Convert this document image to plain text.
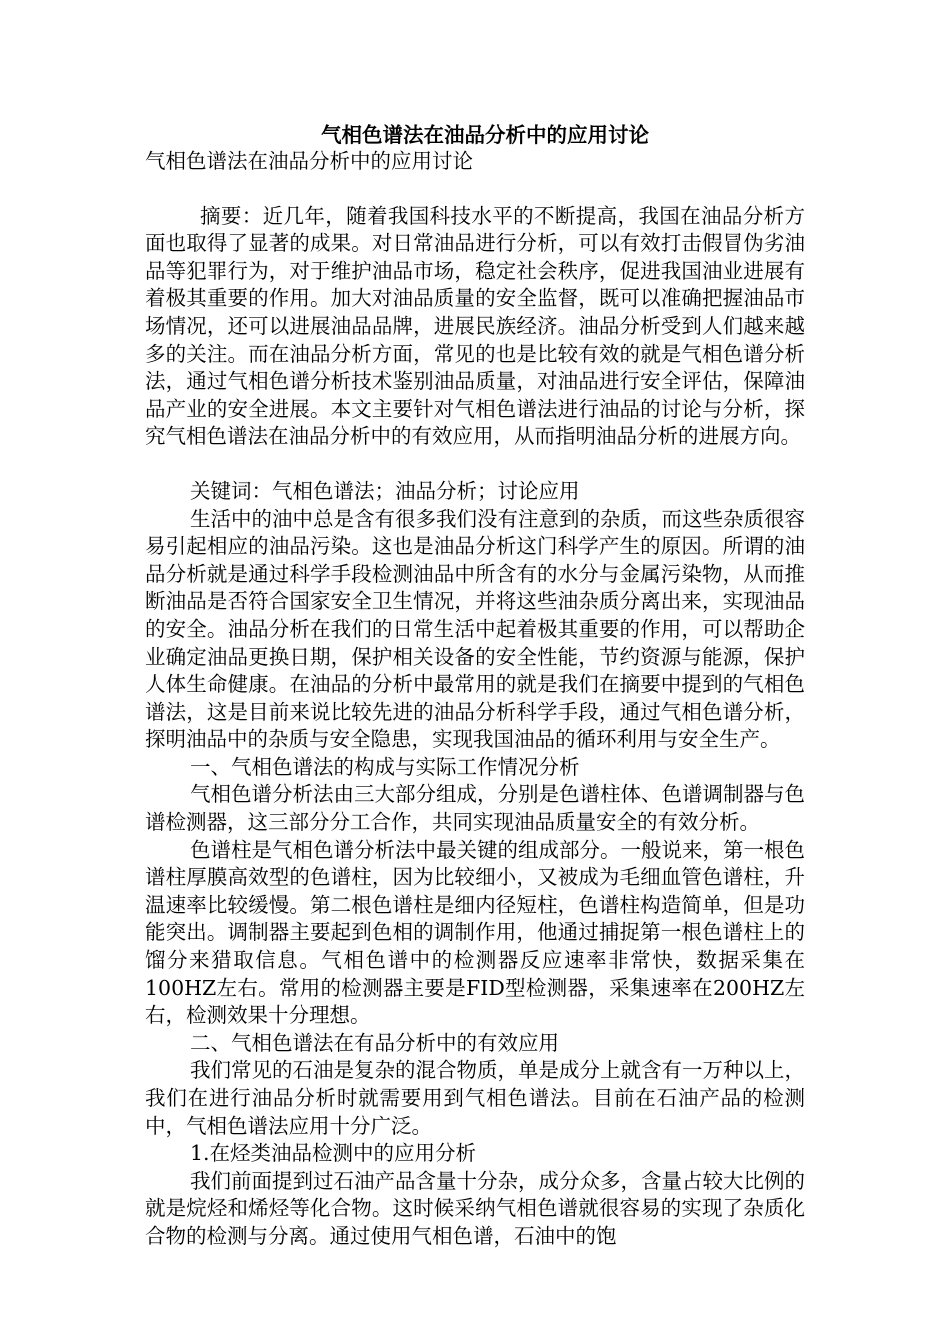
气相色谱法在油品分析中的应用讨论

气相色谱法在油品分析中的应用讨论

摘要：近几年，随着我国科技水平的不断提高，我国在油品分析方面也取得了显著的成果。对日常油品进行分析，可以有效打击假冒伪劣油品等犯罪行为，对于维护油品市场，稳定社会秩序，促进我国油业进展有着极其重要的作用。加大对油品质量的安全监督，既可以准确把握油品市场情况，还可以进展油品品牌，进展民族经济。油品分析受到人们越来越多的关注。而在油品分析方面，常见的也是比较有效的就是气相色谱分析法，通过气相色谱分析技术鉴别油品质量，对油品进行安全评估，保障油品产业的安全进展。本文主要针对气相色谱法进行油品的讨论与分析，探究气相色谱法在油品分析中的有效应用，从而指明油品分析的进展方向。

关键词：气相色谱法；油品分析；讨论应用

生活中的油中总是含有很多我们没有注意到的杂质，而这些杂质很容易引起相应的油品污染。这也是油品分析这门科学产生的原因。所谓的油品分析就是通过科学手段检测油品中所含有的水分与金属污染物，从而推断油品是否符合国家安全卫生情况，并将这些油杂质分离出来，实现油品的安全。油品分析在我们的日常生活中起着极其重要的作用，可以帮助企业确定油品更换日期，保护相关设备的安全性能，节约资源与能源，保护人体生命健康。在油品的分析中最常用的就是我们在摘要中提到的气相色谱法，这是目前来说比较先进的油品分析科学手段，通过气相色谱分析，探明油品中的杂质与安全隐患，实现我国油品的循环利用与安全生产。

一、气相色谱法的构成与实际工作情况分析

气相色谱分析法由三大部分组成，分别是色谱柱体、色谱调制器与色谱检测器，这三部分分工合作，共同实现油品质量安全的有效分析。

色谱柱是气相色谱分析法中最关键的组成部分。一般说来，第一根色谱柱厚膜高效型的色谱柱，因为比较细小，又被成为毛细血管色谱柱，升温速率比较缓慢。第二根色谱柱是细内径短柱，色谱柱构造简单，但是功能突出。调制器主要起到色相的调制作用，他通过捕捉第一根色谱柱上的馏分来猎取信息。气相色谱中的检测器反应速率非常快，数据采集在100HZ左右。常用的检测器主要是FID型检测器，采集速率在200HZ左右，检测效果十分理想。

二、气相色谱法在有品分析中的有效应用

我们常见的石油是复杂的混合物质，单是成分上就含有一万种以上，我们在进行油品分析时就需要用到气相色谱法。目前在石油产品的检测中，气相色谱法应用十分广泛。

1.在烃类油品检测中的应用分析

我们前面提到过石油产品含量十分杂，成分众多，含量占较大比例的就是烷烃和烯烃等化合物。这时候采纳气相色谱就很容易的实现了杂质化合物的检测与分离。通过使用气相色谱，石油中的饱
